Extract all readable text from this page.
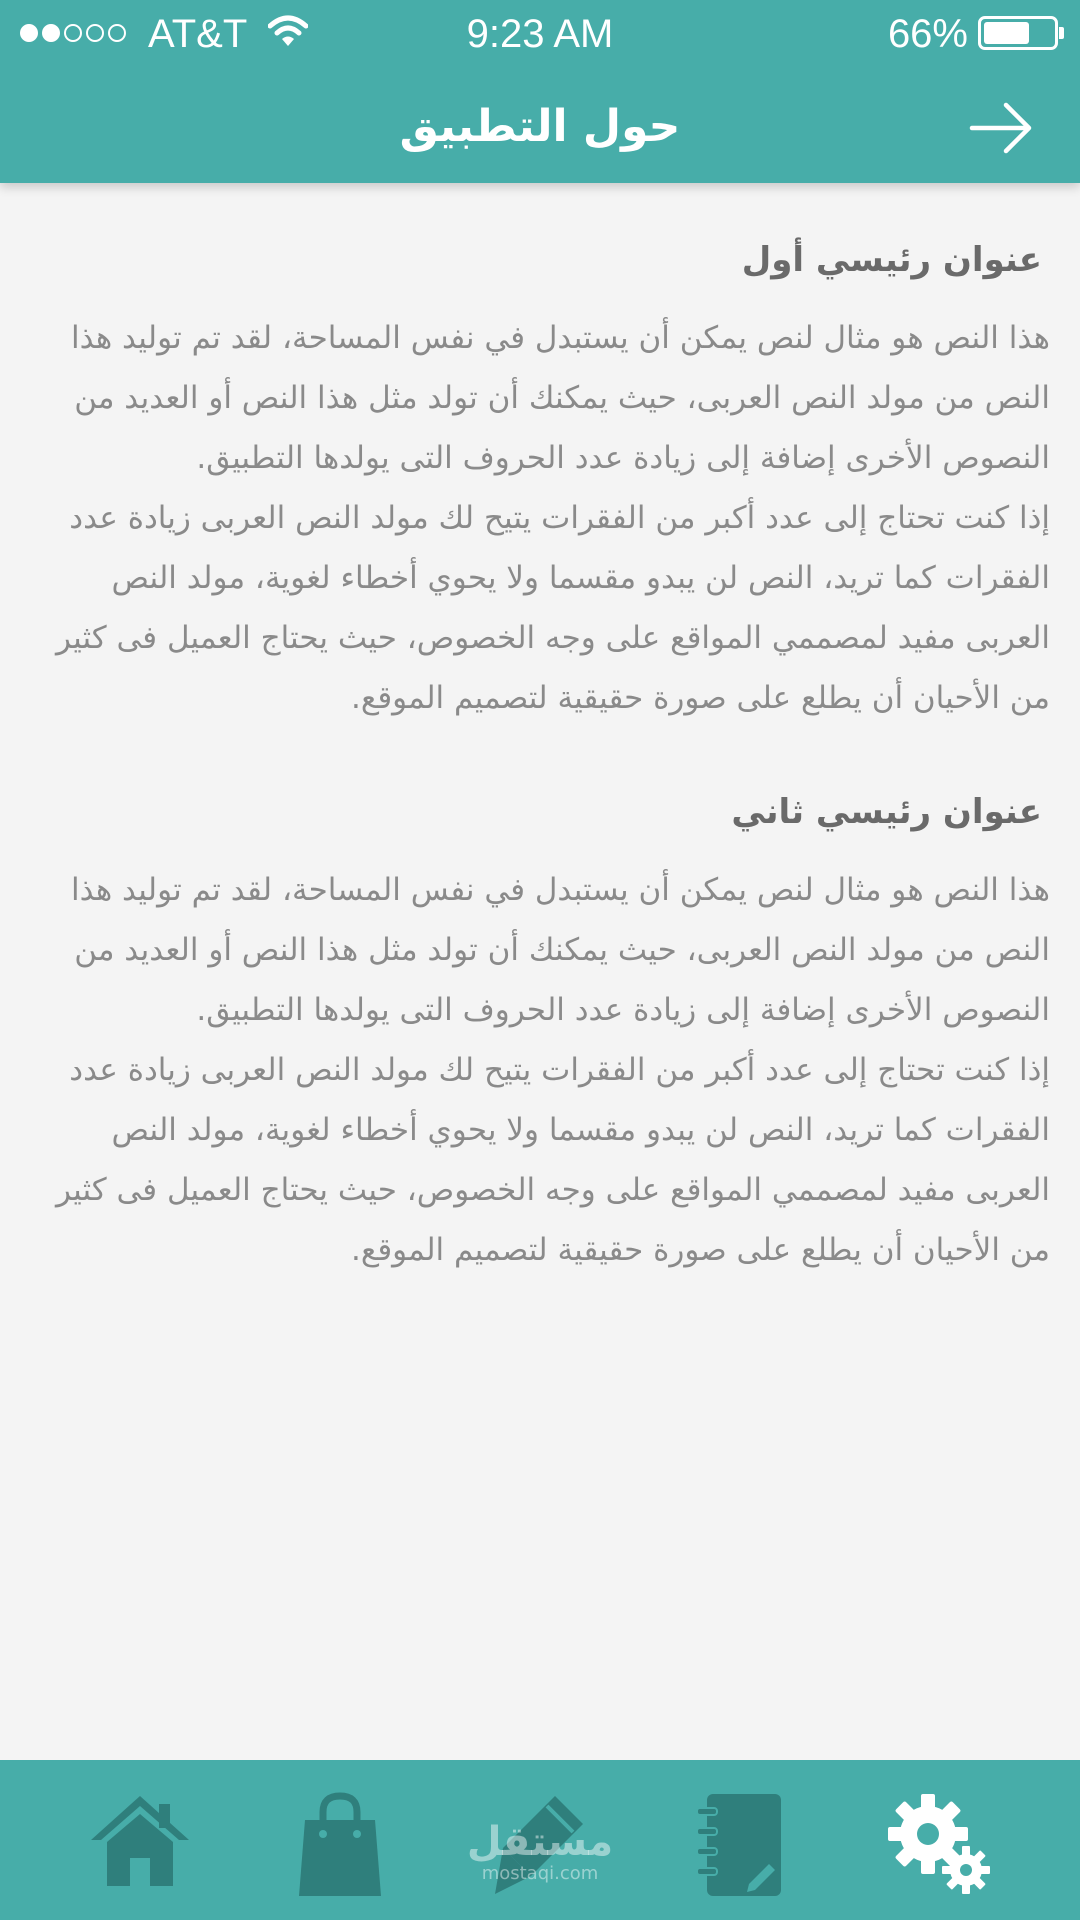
AT&T	9:23 AM	66%
حول التطبيق
عنوان رئيسي أول

هذا النص هو مثال لنص يمكن أن يستبدل في نفس المساحة، لقد تم توليد هذا النص من مولد النص العربى، حيث يمكنك أن تولد مثل هذا النص أو العديد من النصوص الأخرى إضافة إلى زيادة عدد الحروف التى يولدها التطبيق.
إذا كنت تحتاج إلى عدد أكبر من الفقرات يتيح لك مولد النص العربى زيادة عدد الفقرات كما تريد، النص لن يبدو مقسما ولا يحوي أخطاء لغوية، مولد النص العربى مفيد لمصممي المواقع على وجه الخصوص، حيث يحتاج العميل فى كثير من الأحيان أن يطلع على صورة حقيقية لتصميم الموقع.

عنوان رئيسي ثاني

هذا النص هو مثال لنص يمكن أن يستبدل في نفس المساحة، لقد تم توليد هذا النص من مولد النص العربى، حيث يمكنك أن تولد مثل هذا النص أو العديد من النصوص الأخرى إضافة إلى زيادة عدد الحروف التى يولدها التطبيق.
إذا كنت تحتاج إلى عدد أكبر من الفقرات يتيح لك مولد النص العربى زيادة عدد الفقرات كما تريد، النص لن يبدو مقسما ولا يحوي أخطاء لغوية، مولد النص العربى مفيد لمصممي المواقع على وجه الخصوص، حيث يحتاج العميل فى كثير من الأحيان أن يطلع على صورة حقيقية لتصميم الموقع.

مستقل
mostaqi.com
